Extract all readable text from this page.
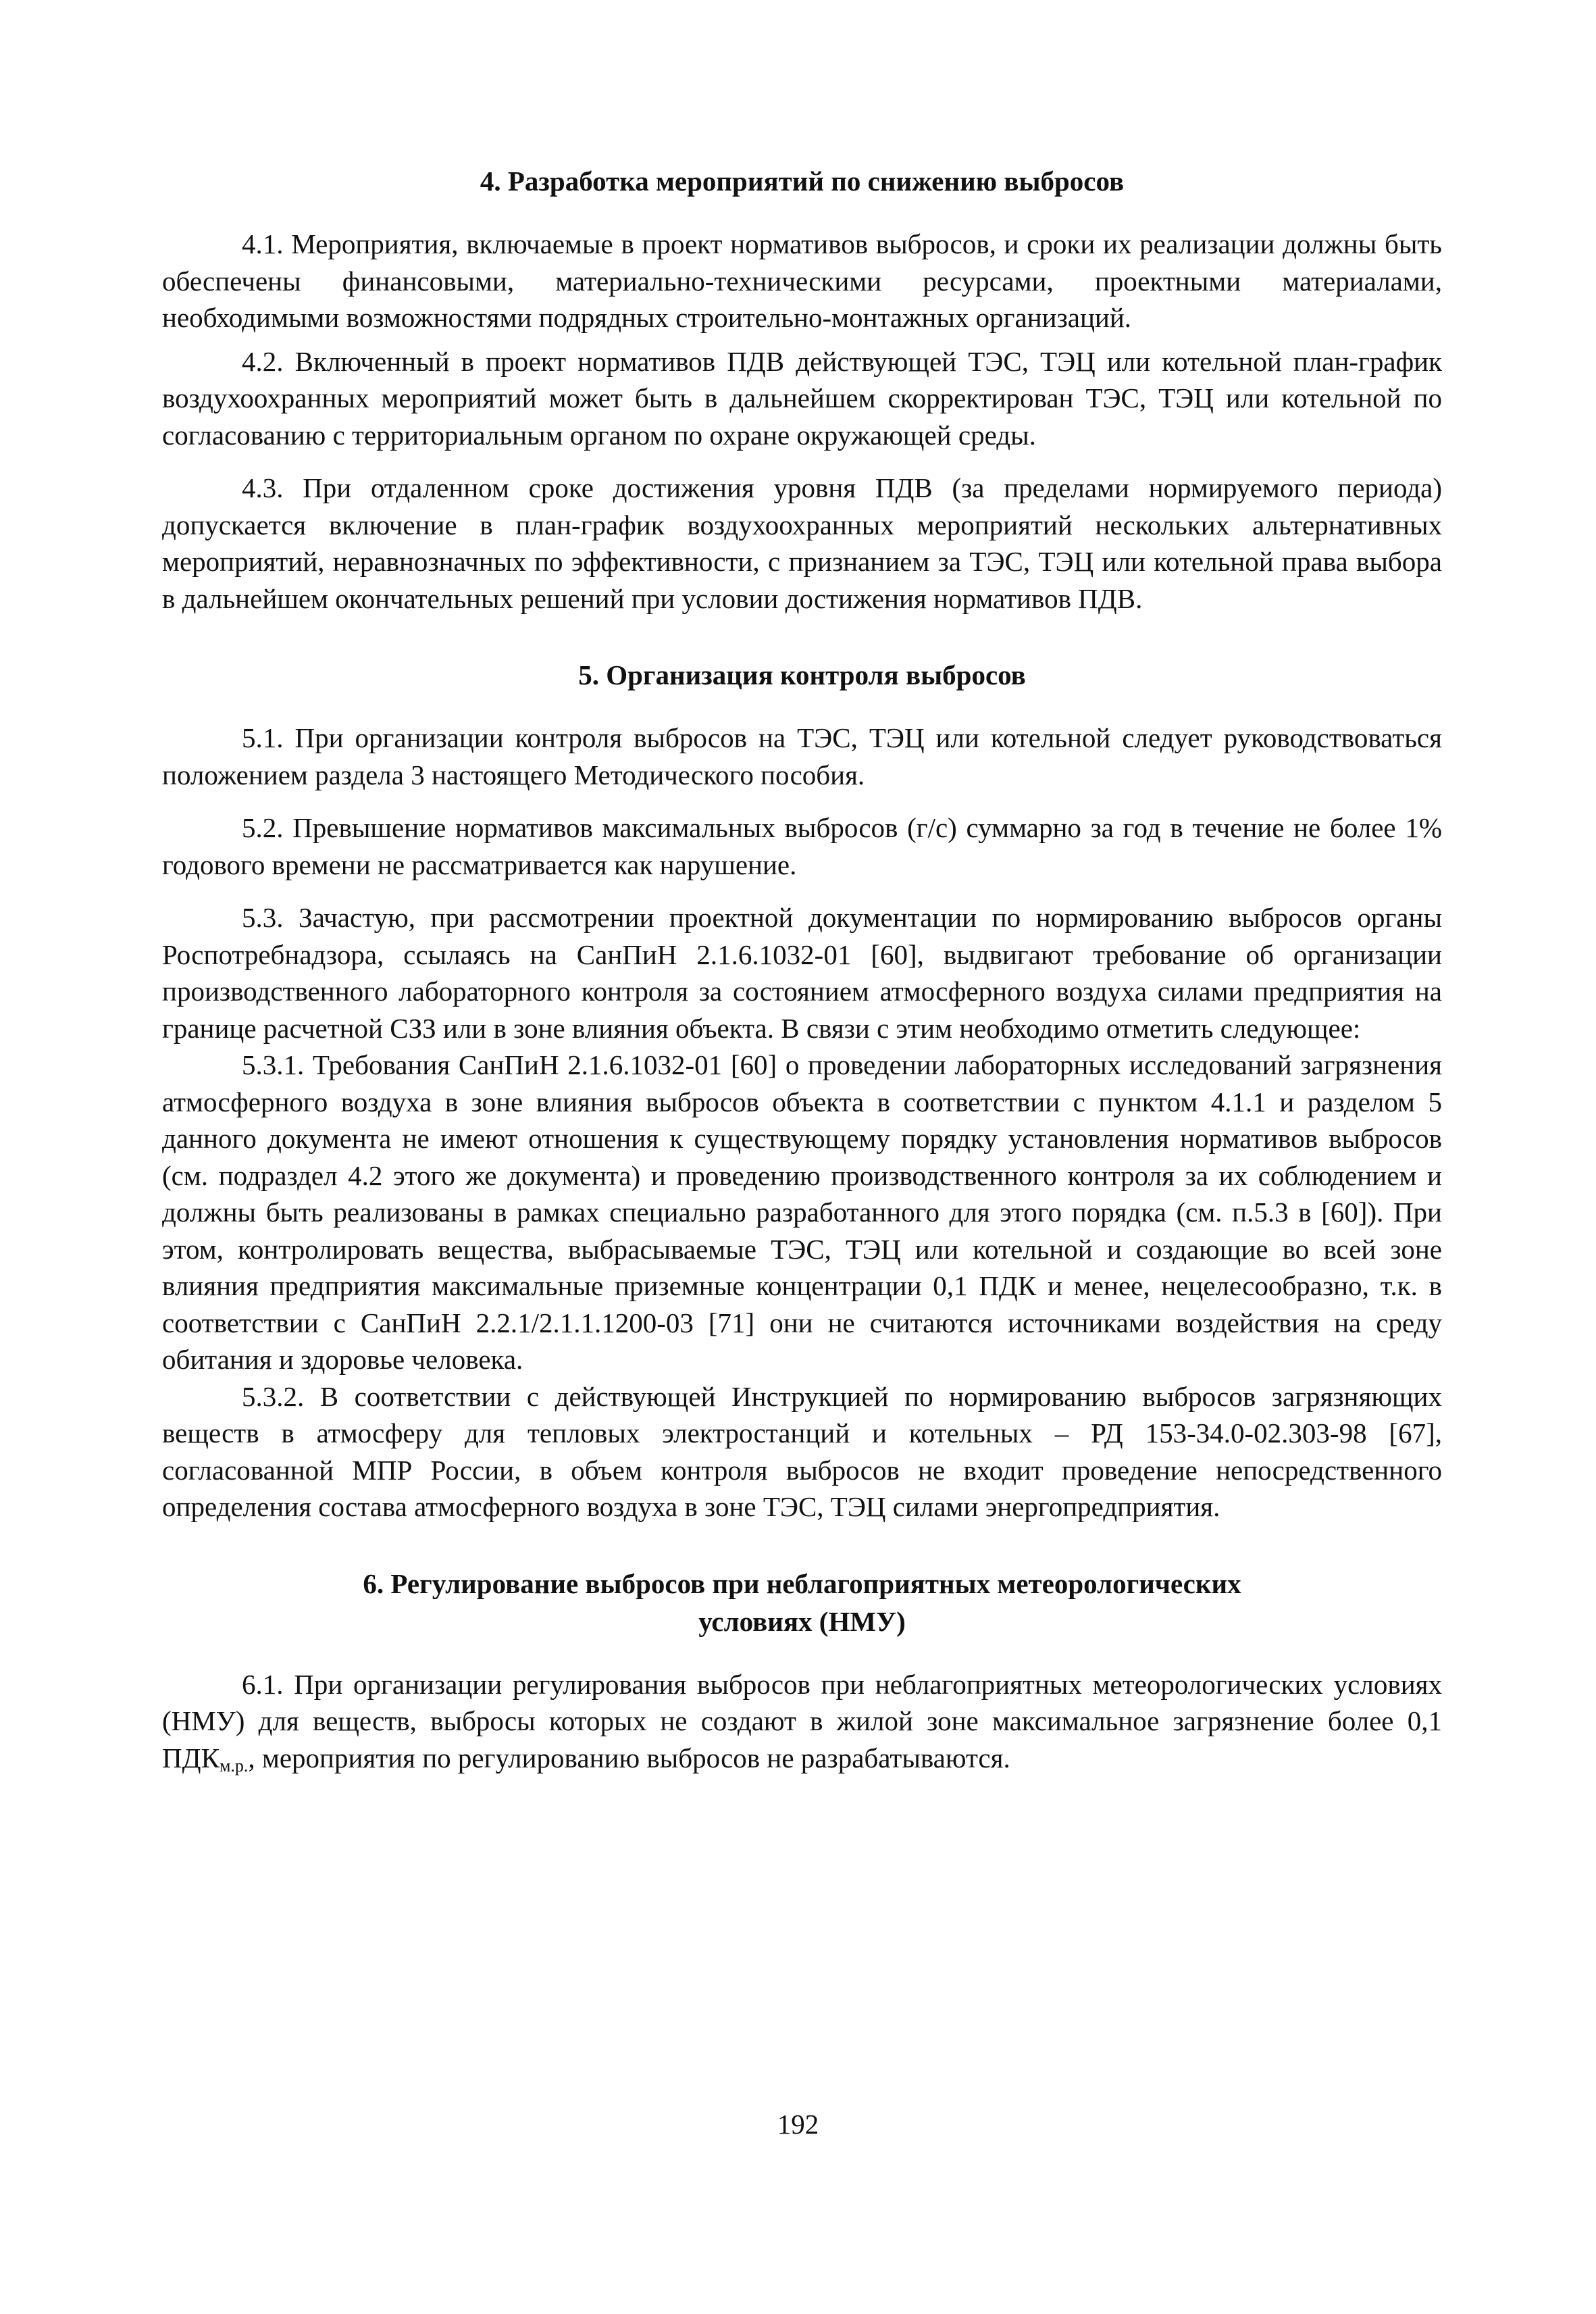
4. Разработка мероприятий по снижению выбросов

4.1. Мероприятия, включаемые в проект нормативов выбросов, и сроки их реализации должны быть обеспечены финансовыми, материально-техническими ресурсами, проектными материалами, необходимыми возможностями подрядных строительно-монтажных организаций.

4.2. Включенный в проект нормативов ПДВ действующей ТЭС, ТЭЦ или котельной план-график воздухоохранных мероприятий может быть в дальнейшем скорректирован ТЭС, ТЭЦ или котельной по согласованию с территориальным органом по охране окружающей среды.

4.3. При отдаленном сроке достижения уровня ПДВ (за пределами нормируемого периода) допускается включение в план-график воздухоохранных мероприятий нескольких альтернативных мероприятий, неравнозначных по эффективности, с признанием за ТЭС, ТЭЦ или котельной права выбора в дальнейшем окончательных решений при условии достижения нормативов ПДВ.

5. Организация контроля выбросов

5.1. При организации контроля выбросов на ТЭС, ТЭЦ или котельной следует руководствоваться положением раздела 3 настоящего Методического пособия.

5.2. Превышение нормативов максимальных выбросов (г/с) суммарно за год в течение не более 1% годового времени не рассматривается как нарушение.

5.3. Зачастую, при рассмотрении проектной документации по нормированию выбросов органы Роспотребнадзора, ссылаясь на СанПиН 2.1.6.1032-01 [60], выдвигают требование об организации производственного лабораторного контроля за состоянием атмосферного воздуха силами предприятия на границе расчетной СЗЗ или в зоне влияния объекта. В связи с этим необходимо отметить следующее:

5.3.1. Требования СанПиН 2.1.6.1032-01 [60] о проведении лабораторных исследований загрязнения атмосферного воздуха в зоне влияния выбросов объекта в соответствии с пунктом 4.1.1 и разделом 5 данного документа не имеют отношения к существующему порядку установления нормативов выбросов (см. подраздел 4.2 этого же документа) и проведению производственного контроля за их соблюдением и должны быть реализованы в рамках специально разработанного для этого порядка (см. п.5.3 в [60]). При этом, контролировать вещества, выбрасываемые ТЭС, ТЭЦ или котельной и создающие во всей зоне влияния предприятия максимальные приземные концентрации 0,1 ПДК и менее, нецелесообразно, т.к. в соответствии с СанПиН 2.2.1/2.1.1.1200-03 [71] они не считаются источниками воздействия на среду обитания и здоровье человека.

5.3.2. В соответствии с действующей Инструкцией по нормированию выбросов загрязняющих веществ в атмосферу для тепловых электростанций и котельных – РД 153-34.0-02.303-98 [67], согласованной МПР России, в объем контроля выбросов не входит проведение непосредственного определения состава атмосферного воздуха в зоне ТЭС, ТЭЦ силами энергопредприятия.

6. Регулирование выбросов при неблагоприятных метеорологических
условиях (НМУ)

6.1. При организации регулирования выбросов при неблагоприятных метеорологических условиях (НМУ) для веществ, выбросы которых не создают в жилой зоне максимальное загрязнение более 0,1 $ПДК_{м.р.}$, мероприятия по регулированию выбросов не разрабатываются.

192
